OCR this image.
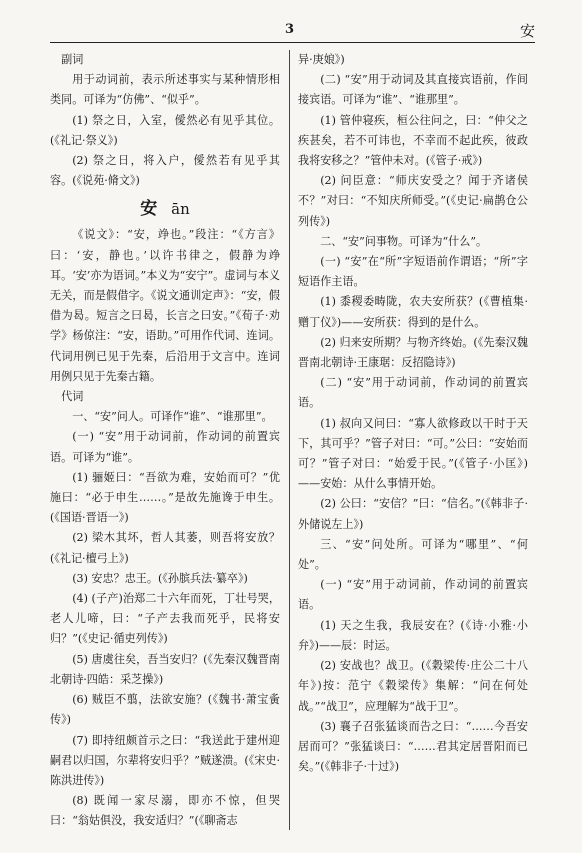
3	安

副词

用于动词前，表示所述事实与某种情形相类同。可译为“仿佛”、“似乎”。

(1) 祭之日，入室，僾然必有见乎其位。(《礼记·祭义》)

(2) 祭之日，将入户，僾然若有见乎其容。(《说苑·脩文》)

安 ān

《说文》：“安，竫也。”段注：“《方言》曰：‘安，静也。’以许书律之，假静为竫耳。‘安’亦为语词。”本义为“安宁”。虚词与本义无关，而是假借字。《说文通训定声》：“安，假借为曷。短言之曰曷，长言之曰安。”《荀子·劝学》杨倞注：“安，语助。”可用作代词、连词。代词用例已见于先秦，后沿用于文言中。连词用例只见于先秦古籍。

代词

一、“安”问人。可译作“谁”、“谁那里”。

(一) “安”用于动词前，作动词的前置宾语。可译为“谁”。

(1) 骊姬曰：“吾欲为难，安始而可？”优施曰：“必于申生……。”是故先施谗于申生。(《国语·晋语一》)

(2) 梁木其坏，哲人其萎，则吾将安放？(《礼记·檀弓上》)

(3) 安忠？忠王。(《孙膑兵法·纂卒》)

(4) (子产)治郑二十六年而死，丁壮号哭，老人儿啼，曰：“子产去我而死乎，民将安归？”(《史记·循吏列传》)

(5) 唐虞往矣，吾当安归？(《先秦汉魏晋南北朝诗·四皓：采芝操》)

(6) 贼臣不翦，法欲安施？(《魏书·萧宝夤传》)

(7) 即持纽颇首示之曰：“我送此于建州迎嗣君以归国，尔辈将安归乎？”贼遂溃。(《宋史·陈洪进传》)

(8) 既闻一家尽溺，即亦不惊，但哭曰：“翁姑俱没，我安适归？”(《聊斋志

异·庚娘》)

(二) “安”用于动词及其直接宾语前，作间接宾语。可译为“谁”、“谁那里”。

(1) 管仲寝疾，桓公往问之，曰：“仲父之疾甚矣，若不可讳也，不幸而不起此疾，彼政我将安移之？”管仲未对。(《管子·戒》)

(2) 问臣意：“师庆安受之？闻于齐诸侯不？”对曰：“不知庆所师受。”(《史记·扁鹊仓公列传》)

二、“安”问事物。可译为“什么”。

(一) “安”在“所”字短语前作谓语；“所”字短语作主语。

(1) 黍稷委畴陇，农夫安所获？(《曹植集·赠丁仪》)——安所获：得到的是什么。

(2) 归来安所期？与物齐终始。(《先秦汉魏晋南北朝诗·王康琚：反招隐诗》)

(二) “安”用于动词前，作动词的前置宾语。

(1) 叔向又问曰：“寡人欲修政以干时于天下，其可乎？”管子对曰：“可。”公曰：“安始而可？”管子对曰：“始爱于民。”(《管子·小匡》)——安始：从什么事情开始。

(2) 公曰：“安信？”曰：“信名。”(《韩非子·外储说左上》)

三、“安”问处所。可译为“哪里”、“何处”。

(一) “安”用于动词前，作动词的前置宾语。

(1) 天之生我，我辰安在？(《诗·小雅·小弁》)——辰：时运。

(2) 安战也？战卫。(《穀梁传·庄公二十八年》)按：范宁《穀梁传》集解：“问在何处战。”“战卫”，应理解为“战于卫”。

(3) 襄子召张猛谈而告之曰：“……今吾安居而可？”张猛谈曰：“……君其定居晋阳而已矣。”(《韩非子·十过》)
